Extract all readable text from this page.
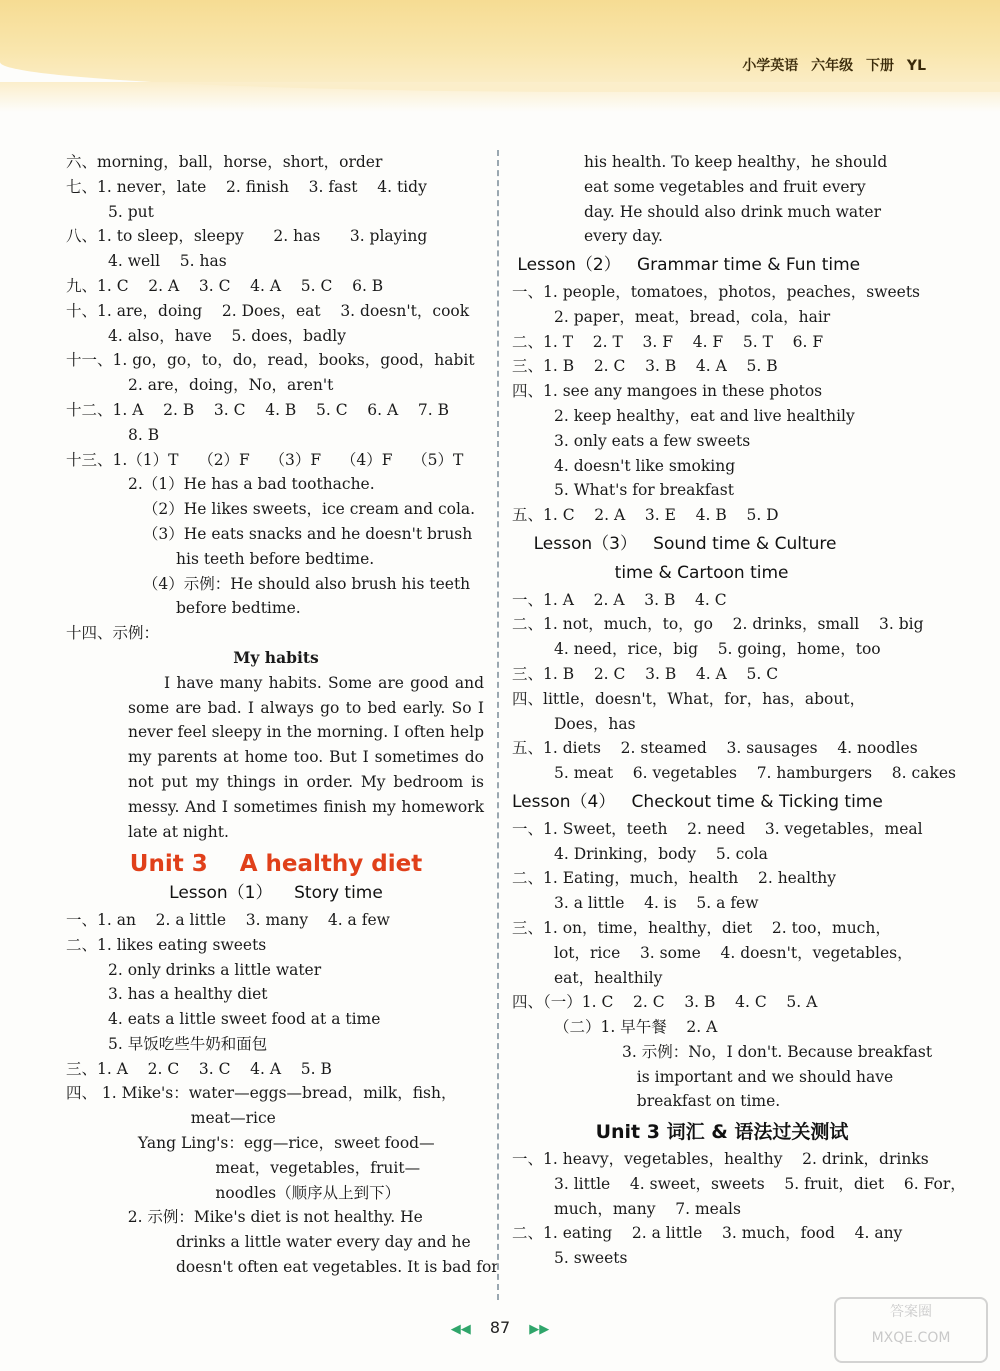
小学英语 六年级 下册 YL
六、morning，ball，horse，short，order
七、1. never，late    2. finish    3. fast    4. tidy
5. put
八、1. to sleep，sleepy      2. has      3. playing
4. well    5. has
九、1. C    2. A    3. C    4. A    5. C    6. B
十、1. are，doing    2. Does，eat    3. doesn't，cook
4. also，have    5. does，badly
十一、1. go，go，to，do，read，books，good，habit
2. are，doing，No，aren't
十二、1. A    2. B    3. C    4. B    5. C    6. A    7. B
8. B
十三、1.（1）T    （2）F    （3）F    （4）F    （5）T
2.（1）He has a bad toothache.
（2）He likes sweets，ice cream and cola.
（3）He eats snacks and he doesn't brush
his teeth before bedtime.
（4）示例：He should also brush his teeth
before bedtime.
十四、示例：
My habits
I have many habits. Some are good and some are bad. I always go to bed early. So I never feel sleepy in the morning. I often help my parents at home too. But I sometimes do not put my things in order. My bedroom is messy. And I sometimes finish my homework late at night.
Unit 3    A healthy diet
Lesson（1）    Story time
一、1. an    2. a little    3. many    4. a few
二、1. likes eating sweets
2. only drinks a little water
3. has a healthy diet
4. eats a little sweet food at a time
5. 早饭吃些牛奶和面包
三、1. A    2. C    3. C    4. A    5. B
四、 1. Mike's：water—eggs—bread，milk，fish，
meat—rice
Yang Ling's：egg—rice，sweet food—
meat，vegetables，fruit—
noodles（顺序从上到下）
2. 示例：Mike's diet is not healthy. He
drinks a little water every day and he
doesn't often eat vegetables. It is bad for
his health. To keep healthy，he should
eat some vegetables and fruit every
day. He should also drink much water
every day.
Lesson（2）   Grammar time & Fun time
一、1. people，tomatoes，photos，peaches，sweets
2. paper，meat，bread，cola，hair
二、1. T    2. T    3. F    4. F    5. T    6. F
三、1. B    2. C    3. B    4. A    5. B
四、1. see any mangoes in these photos
2. keep healthy，eat and live healthily
3. only eats a few sweets
4. doesn't like smoking
5. What's for breakfast
五、1. C    2. A    3. E    4. B    5. D
Lesson（3）   Sound time & Culture
time & Cartoon time
一、1. A    2. A    3. B    4. C
二、1. not，much，to，go    2. drinks，small    3. big
4. need，rice，big    5. going，home，too
三、1. B    2. C    3. B    4. A    5. C
四、little，doesn't，What，for，has，about，
Does，has
五、1. diets    2. steamed    3. sausages    4. noodles
5. meat    6. vegetables    7. hamburgers    8. cakes
Lesson（4）   Checkout time & Ticking time
一、1. Sweet，teeth    2. need    3. vegetables，meal
4. Drinking，body    5. cola
二、1. Eating，much，health    2. healthy
3. a little    4. is    5. a few
三、1. on，time，healthy，diet    2. too，much，
lot，rice    3. some    4. doesn't，vegetables，
eat，healthily
四、（一）1. C    2. C    3. B    4. C    5. A
（二）1. 早午餐    2. A
3. 示例：No，I don't. Because breakfast
is important and we should have
breakfast on time.
Unit 3 词汇 & 语法过关测试
一、1. heavy，vegetables，healthy    2. drink，drinks
3. little    4. sweet，sweets    5. fruit，diet    6. For，
much，many    7. meals
二、1. eating    2. a little    3. much，food    4. any
5. sweets
◀◀ 87 ▶▶
答案圈
MXQE.COM
